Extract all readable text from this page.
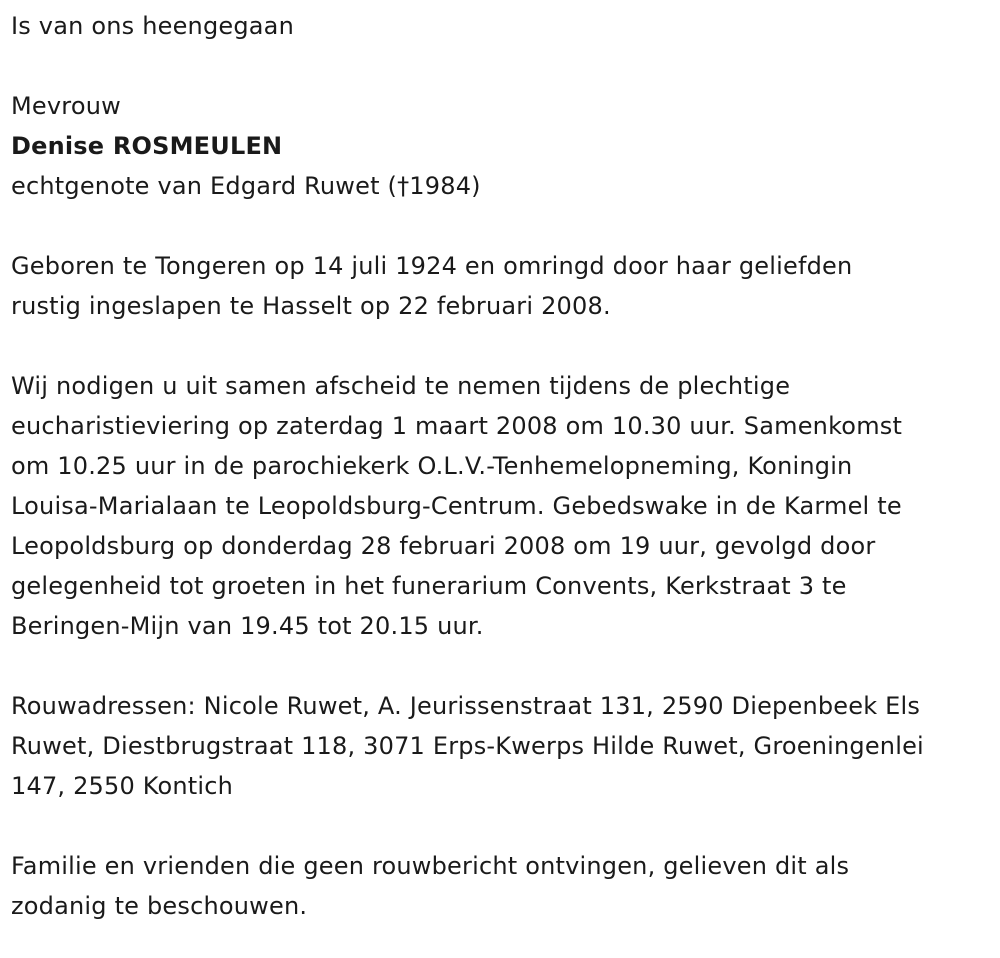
Is van ons heengegaan

Mevrouw

Denise ROSMEULEN

echtgenote van Edgard Ruwet (†1984)

Geboren te Tongeren op 14 juli 1924 en omringd door haar geliefden

rustig ingeslapen te Hasselt op 22 februari 2008.

Wij nodigen u uit samen afscheid te nemen tijdens de plechtige

eucharistieviering op zaterdag 1 maart 2008 om 10.30 uur. Samenkomst

om 10.25 uur in de parochiekerk O.L.V.-Tenhemelopneming, Koningin

Louisa-Marialaan te Leopoldsburg-Centrum. Gebedswake in de Karmel te

Leopoldsburg op donderdag 28 februari 2008 om 19 uur, gevolgd door

gelegenheid tot groeten in het funerarium Convents, Kerkstraat 3 te

Beringen-Mijn van 19.45 tot 20.15 uur.

Rouwadressen: Nicole Ruwet, A. Jeurissenstraat 131, 2590 Diepenbeek Els

Ruwet, Diestbrugstraat 118, 3071 Erps-Kwerps Hilde Ruwet, Groeningenlei

147, 2550 Kontich

Familie en vrienden die geen rouwbericht ontvingen, gelieven dit als

zodanig te beschouwen.
